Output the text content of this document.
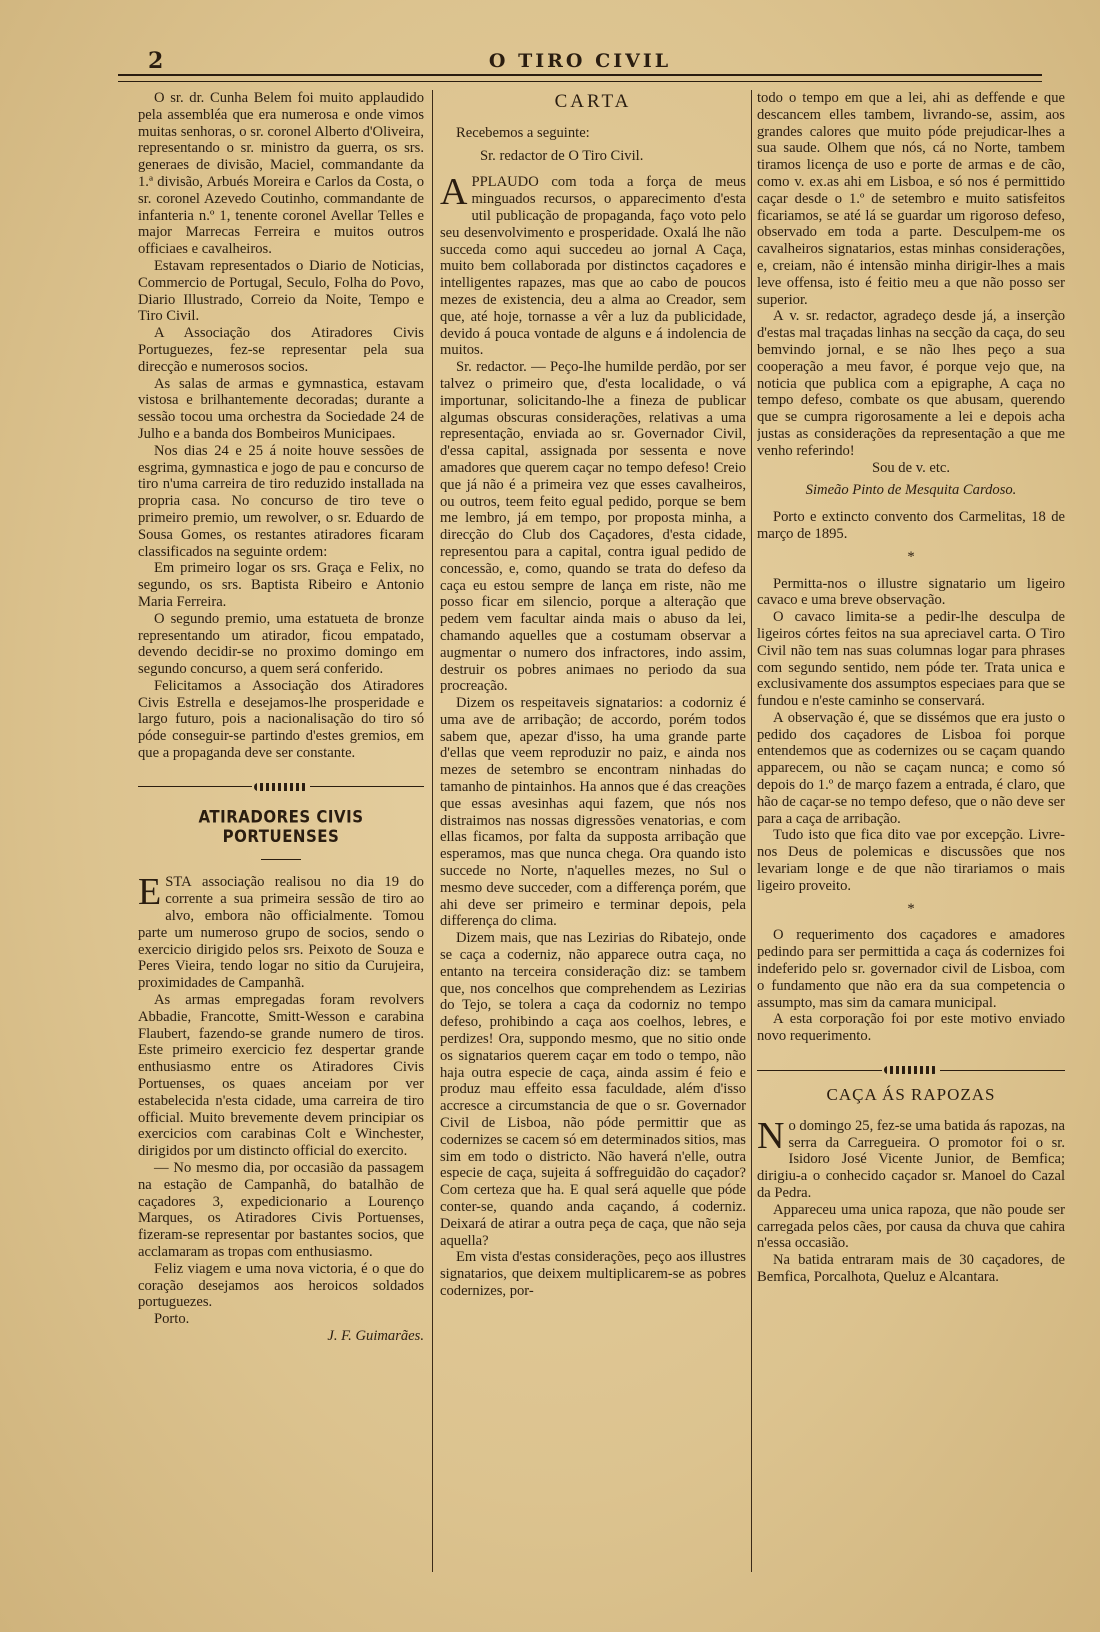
2	O TIRO CIVIL

O sr. dr. Cunha Belem foi muito applaudido pela assembléa que era numerosa e onde vimos muitas senhoras, o sr. coronel Alberto d'Oliveira, representando o sr. ministro da guerra, os srs. generaes de divisão, Maciel, commandante da 1.ª divisão, Arbués Moreira e Carlos da Costa, o sr. coronel Azevedo Coutinho, commandante de infanteria n.º 1, tenente coronel Avellar Telles e major Marrecas Ferreira e muitos outros officiaes e cavalheiros.

Estavam representados o Diario de Noticias, Commercio de Portugal, Seculo, Folha do Povo, Diario Illustrado, Correio da Noite, Tempo e Tiro Civil.

A Associação dos Atiradores Civis Portuguezes, fez-se representar pela sua direcção e numerosos socios.

As salas de armas e gymnastica, estavam vistosa e brilhantemente decoradas; durante a sessão tocou uma orchestra da Sociedade 24 de Julho e a banda dos Bombeiros Municipaes.

Nos dias 24 e 25 á noite houve sessões de esgrima, gymnastica e jogo de pau e concurso de tiro n'uma carreira de tiro reduzido installada na propria casa. No concurso de tiro teve o primeiro premio, um rewolver, o sr. Eduardo de Sousa Gomes, os restantes atiradores ficaram classificados na seguinte ordem:

Em primeiro logar os srs. Graça e Felix, no segundo, os srs. Baptista Ribeiro e Antonio Maria Ferreira.

O segundo premio, uma estatueta de bronze representando um atirador, ficou empatado, devendo decidir-se no proximo domingo em segundo concurso, a quem será conferido.

Felicitamos a Associação dos Atiradores Civis Estrella e desejamos-lhe prosperidade e largo futuro, pois a nacionalisação do tiro só póde conseguir-se partindo d'estes gremios, em que a propaganda deve ser constante.

ATIRADORES CIVIS PORTUENSES

ESTA associação realisou no dia 19 do corrente a sua primeira sessão de tiro ao alvo, embora não officialmente. Tomou parte um numeroso grupo de socios, sendo o exercicio dirigido pelos srs. Peixoto de Souza e Peres Vieira, tendo logar no sitio da Curujeira, proximidades de Campanhã.

As armas empregadas foram revolvers Abbadie, Francotte, Smitt-Wesson e carabina Flaubert, fazendo-se grande numero de tiros. Este primeiro exercicio fez despertar grande enthusiasmo entre os Atiradores Civis Portuenses, os quaes anceiam por ver estabelecida n'esta cidade, uma carreira de tiro official. Muito brevemente devem principiar os exercicios com carabinas Colt e Winchester, dirigidos por um distincto official do exercito.

— No mesmo dia, por occasião da passagem na estação de Campanhã, do batalhão de caçadores 3, expedicionario a Lourenço Marques, os Atiradores Civis Portuenses, fizeram-se representar por bastantes socios, que acclamaram as tropas com enthusiasmo.

Feliz viagem e uma nova victoria, é o que do coração desejamos aos heroicos soldados portuguezes.

Porto.

J. F. Guimarães.

CARTA

Recebemos a seguinte:

Sr. redactor de O Tiro Civil.

APPLAUDO com toda a força de meus minguados recursos, o apparecimento d'esta util publicação de propaganda, faço voto pelo seu desenvolvimento e prosperidade. Oxalá lhe não succeda como aqui succedeu ao jornal A Caça, muito bem collaborada por distinctos caçadores e intelligentes rapazes, mas que ao cabo de poucos mezes de existencia, deu a alma ao Creador, sem que, até hoje, tornasse a vêr a luz da publicidade, devido á pouca vontade de alguns e á indolencia de muitos.

Sr. redactor. — Peço-lhe humilde perdão, por ser talvez o primeiro que, d'esta localidade, o vá importunar, solicitando-lhe a fineza de publicar algumas obscuras considerações, relativas a uma representação, enviada ao sr. Governador Civil, d'essa capital, assignada por sessenta e nove amadores que querem caçar no tempo defeso! Creio que já não é a primeira vez que esses cavalheiros, ou outros, teem feito egual pedido, porque se bem me lembro, já em tempo, por proposta minha, a direcção do Club dos Caçadores, d'esta cidade, representou para a capital, contra igual pedido de concessão, e, como, quando se trata do defeso da caça eu estou sempre de lança em riste, não me posso ficar em silencio, porque a alteração que pedem vem facultar ainda mais o abuso da lei, chamando aquelles que a costumam observar a augmentar o numero dos infractores, indo assim, destruir os pobres animaes no periodo da sua procreação.

Dizem os respeitaveis signatarios: a codorniz é uma ave de arribação; de accordo, porém todos sabem que, apezar d'isso, ha uma grande parte d'ellas que veem reproduzir no paiz, e ainda nos mezes de setembro se encontram ninhadas do tamanho de pintainhos. Ha annos que é das creações que essas avesinhas aqui fazem, que nós nos distraimos nas nossas digressões venatorias, e com ellas ficamos, por falta da supposta arribação que esperamos, mas que nunca chega. Ora quando isto succede no Norte, n'aquelles mezes, no Sul o mesmo deve succeder, com a differença porém, que ahi deve ser primeiro e terminar depois, pela differença do clima.

Dizem mais, que nas Lezirias do Ribatejo, onde se caça a coderniz, não apparece outra caça, no entanto na terceira consideração diz: se tambem que, nos concelhos que comprehendem as Lezirias do Tejo, se tolera a caça da codorniz no tempo defeso, prohibindo a caça aos coelhos, lebres, e perdizes! Ora, suppondo mesmo, que no sitio onde os signatarios querem caçar em todo o tempo, não haja outra especie de caça, ainda assim é feio e produz mau effeito essa faculdade, além d'isso accresce a circumstancia de que o sr. Governador Civil de Lisboa, não póde permittir que as codernizes se cacem só em determinados sitios, mas sim em todo o districto. Não haverá n'elle, outra especie de caça, sujeita á soffreguidão do caçador? Com certeza que ha. E qual será aquelle que póde conter-se, quando anda caçando, á coderniz. Deixará de atirar a outra peça de caça, que não seja aquella?

Em vista d'estas considerações, peço aos illustres signatarios, que deixem multiplicarem-se as pobres codernizes, por-

todo o tempo em que a lei, ahi as deffende e que descancem elles tambem, livrando-se, assim, aos grandes calores que muito póde prejudicar-lhes a sua saude. Olhem que nós, cá no Norte, tambem tiramos licença de uso e porte de armas e de cão, como v. ex.as ahi em Lisboa, e só nos é permittido caçar desde o 1.º de setembro e muito satisfeitos ficariamos, se até lá se guardar um rigoroso defeso, observado em toda a parte. Desculpem-me os cavalheiros signatarios, estas minhas considerações, e, creiam, não é intensão minha dirigir-lhes a mais leve offensa, isto é feitio meu a que não posso ser superior.

A v. sr. redactor, agradeço desde já, a inserção d'estas mal traçadas linhas na secção da caça, do seu bemvindo jornal, e se não lhes peço a sua cooperação a meu favor, é porque vejo que, na noticia que publica com a epigraphe, A caça no tempo defeso, combate os que abusam, querendo que se cumpra rigorosamente a lei e depois acha justas as considerações da representação a que me venho referindo!

Sou de v. etc.

Simeão Pinto de Mesquita Cardoso.

Porto e extincto convento dos Carmelitas, 18 de março de 1895.

*

Permitta-nos o illustre signatario um ligeiro cavaco e uma breve observação.

O cavaco limita-se a pedir-lhe desculpa de ligeiros córtes feitos na sua apreciavel carta. O Tiro Civil não tem nas suas columnas logar para phrases com segundo sentido, nem póde ter. Trata unica e exclusivamente dos assumptos especiaes para que se fundou e n'este caminho se conservará.

A observação é, que se dissémos que era justo o pedido dos caçadores de Lisboa foi porque entendemos que as codernizes ou se caçam quando apparecem, ou não se caçam nunca; e como só depois do 1.º de março fazem a entrada, é claro, que hão de caçar-se no tempo defeso, que o não deve ser para a caça de arribação.

Tudo isto que fica dito vae por excepção. Livre-nos Deus de polemicas e discussões que nos levariam longe e de que não tirariamos o mais ligeiro proveito.

*

O requerimento dos caçadores e amadores pedindo para ser permittida a caça ás codernizes foi indeferido pelo sr. governador civil de Lisboa, com o fundamento que não era da sua competencia o assumpto, mas sim da camara municipal.

A esta corporação foi por este motivo enviado novo requerimento.

CAÇA ÁS RAPOZAS

No domingo 25, fez-se uma batida ás rapozas, na serra da Carregueira. O promotor foi o sr. Isidoro José Vicente Junior, de Bemfica; dirigiu-a o conhecido caçador sr. Manoel do Cazal da Pedra.

Appareceu uma unica rapoza, que não poude ser carregada pelos cães, por causa da chuva que cahira n'essa occasião.

Na batida entraram mais de 30 caçadores, de Bemfica, Porcalhota, Queluz e Alcantara.
